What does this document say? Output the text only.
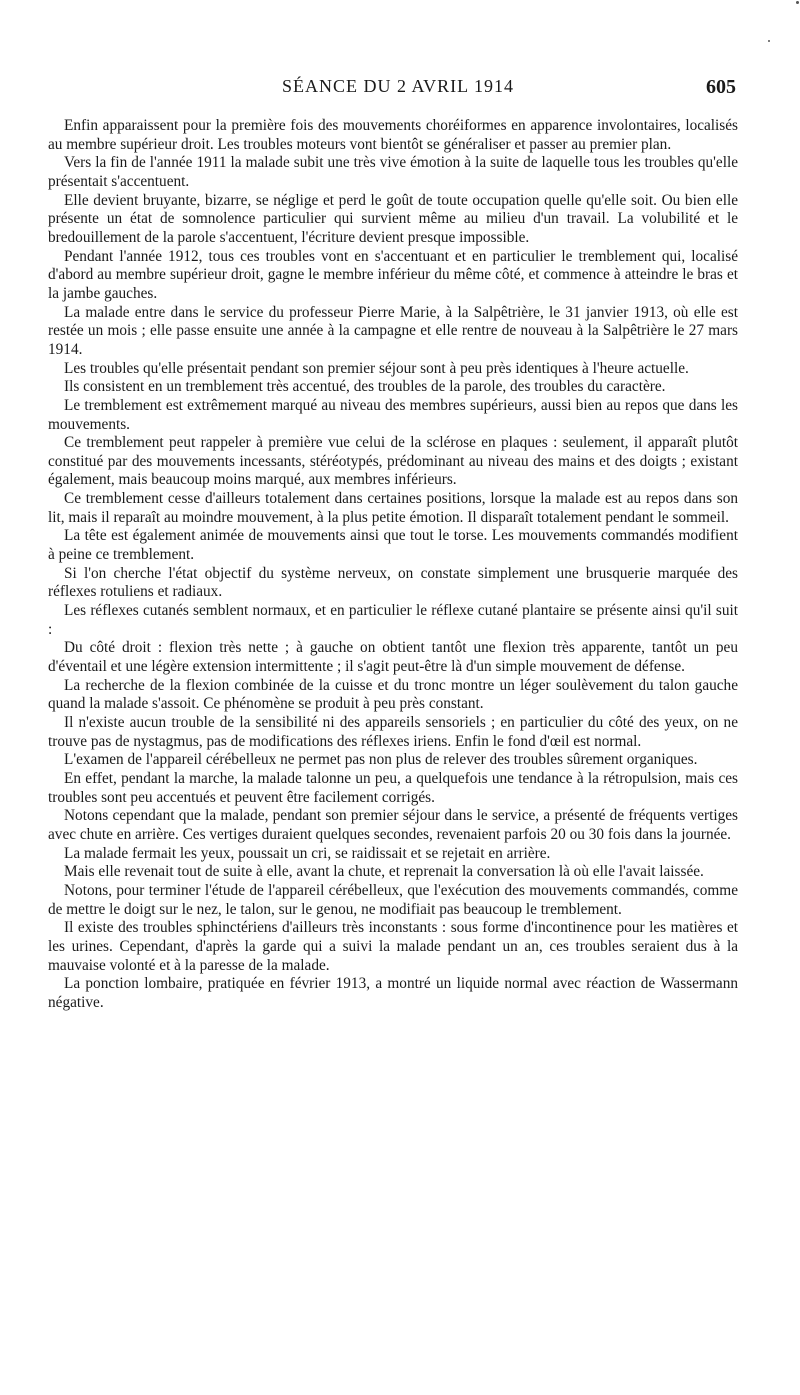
SÉANCE DU 2 AVRIL 1914	605

Enfin apparaissent pour la première fois des mouvements choréiformes en apparence involontaires, localisés au membre supérieur droit. Les troubles moteurs vont bientôt se généraliser et passer au premier plan.

Vers la fin de l'année 1911 la malade subit une très vive émotion à la suite de laquelle tous les troubles qu'elle présentait s'accentuent.

Elle devient bruyante, bizarre, se néglige et perd le goût de toute occupation quelle qu'elle soit. Ou bien elle présente un état de somnolence particulier qui survient même au milieu d'un travail. La volubilité et le bredouillement de la parole s'accentuent, l'écriture devient presque impossible.

Pendant l'année 1912, tous ces troubles vont en s'accentuant et en particulier le tremblement qui, localisé d'abord au membre supérieur droit, gagne le membre inférieur du même côté, et commence à atteindre le bras et la jambe gauches.

La malade entre dans le service du professeur Pierre Marie, à la Salpêtrière, le 31 janvier 1913, où elle est restée un mois ; elle passe ensuite une année à la campagne et elle rentre de nouveau à la Salpêtrière le 27 mars 1914.

Les troubles qu'elle présentait pendant son premier séjour sont à peu près identiques à l'heure actuelle.

Ils consistent en un tremblement très accentué, des troubles de la parole, des troubles du caractère.

Le tremblement est extrêmement marqué au niveau des membres supérieurs, aussi bien au repos que dans les mouvements.

Ce tremblement peut rappeler à première vue celui de la sclérose en plaques : seulement, il apparaît plutôt constitué par des mouvements incessants, stéréotypés, prédominant au niveau des mains et des doigts ; existant également, mais beaucoup moins marqué, aux membres inférieurs.

Ce tremblement cesse d'ailleurs totalement dans certaines positions, lorsque la malade est au repos dans son lit, mais il reparaît au moindre mouvement, à la plus petite émotion. Il disparaît totalement pendant le sommeil.

La tête est également animée de mouvements ainsi que tout le torse. Les mouvements commandés modifient à peine ce tremblement.

Si l'on cherche l'état objectif du système nerveux, on constate simplement une brusquerie marquée des réflexes rotuliens et radiaux.

Les réflexes cutanés semblent normaux, et en particulier le réflexe cutané plantaire se présente ainsi qu'il suit :

Du côté droit : flexion très nette ; à gauche on obtient tantôt une flexion très apparente, tantôt un peu d'éventail et une légère extension intermittente ; il s'agit peut-être là d'un simple mouvement de défense.

La recherche de la flexion combinée de la cuisse et du tronc montre un léger soulèvement du talon gauche quand la malade s'assoit. Ce phénomène se produit à peu près constant.

Il n'existe aucun trouble de la sensibilité ni des appareils sensoriels ; en particulier du côté des yeux, on ne trouve pas de nystagmus, pas de modifications des réflexes iriens. Enfin le fond d'œil est normal.

L'examen de l'appareil cérébelleux ne permet pas non plus de relever des troubles sûrement organiques.

En effet, pendant la marche, la malade talonne un peu, a quelquefois une tendance à la rétropulsion, mais ces troubles sont peu accentués et peuvent être facilement corrigés.

Notons cependant que la malade, pendant son premier séjour dans le service, a présenté de fréquents vertiges avec chute en arrière. Ces vertiges duraient quelques secondes, revenaient parfois 20 ou 30 fois dans la journée.

La malade fermait les yeux, poussait un cri, se raidissait et se rejetait en arrière.

Mais elle revenait tout de suite à elle, avant la chute, et reprenait la conversation là où elle l'avait laissée.

Notons, pour terminer l'étude de l'appareil cérébelleux, que l'exécution des mouvements commandés, comme de mettre le doigt sur le nez, le talon, sur le genou, ne modifiait pas beaucoup le tremblement.

Il existe des troubles sphinctériens d'ailleurs très inconstants : sous forme d'incontinence pour les matières et les urines. Cependant, d'après la garde qui a suivi la malade pendant un an, ces troubles seraient dus à la mauvaise volonté et à la paresse de la malade.

La ponction lombaire, pratiquée en février 1913, a montré un liquide normal avec réaction de Wassermann négative.
